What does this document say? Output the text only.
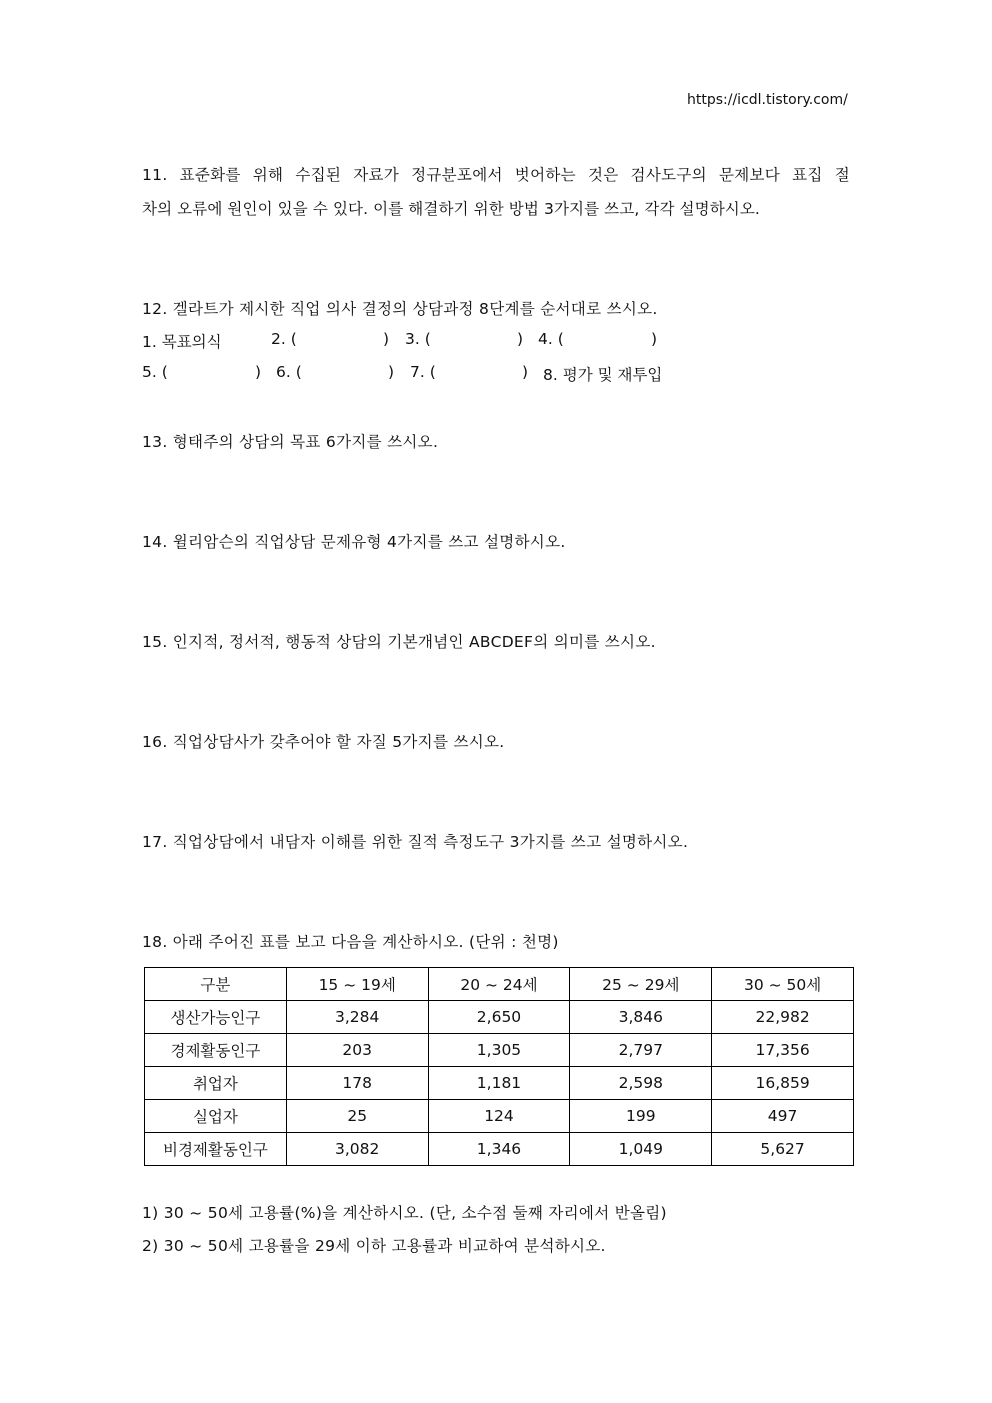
https://icdl.tistory.com/
11. 표준화를 위해 수집된 자료가 정규분포에서 벗어하는 것은 검사도구의 문제보다 표집 절
차의 오류에 원인이 있을 수 있다. 이를 해결하기 위한 방법 3가지를 쓰고, 각각 설명하시오.
12. 겔라트가 제시한 직업 의사 결정의 상담과정 8단계를 순서대로 쓰시오.
1. 목표의식	2. (	) 3. (	) 4. (	)
5. (	) 6. (	) 7. (	) 8. 평가 및 재투입
13. 형태주의 상담의 목표 6가지를 쓰시오.
14. 윌리암슨의 직업상담 문제유형 4가지를 쓰고 설명하시오.
15. 인지적, 정서적, 행동적 상담의 기본개념인 ABCDEF의 의미를 쓰시오.
16. 직업상담사가 갖추어야 할 자질 5가지를 쓰시오.
17. 직업상담에서 내담자 이해를 위한 질적 측정도구 3가지를 쓰고 설명하시오.
18. 아래 주어진 표를 보고 다음을 계산하시오. (단위 : 천명)
구분	15 ~ 19세	20 ~ 24세	25 ~ 29세	30 ~ 50세
생산가능인구	3,284	2,650	3,846	22,982
경제활동인구	203	1,305	2,797	17,356
취업자	178	1,181	2,598	16,859
실업자	25	124	199	497
비경제활동인구	3,082	1,346	1,049	5,627
1) 30 ~ 50세 고용률(%)을 계산하시오. (단, 소수점 둘째 자리에서 반올림)
2) 30 ~ 50세 고용률을 29세 이하 고용률과 비교하여 분석하시오.
